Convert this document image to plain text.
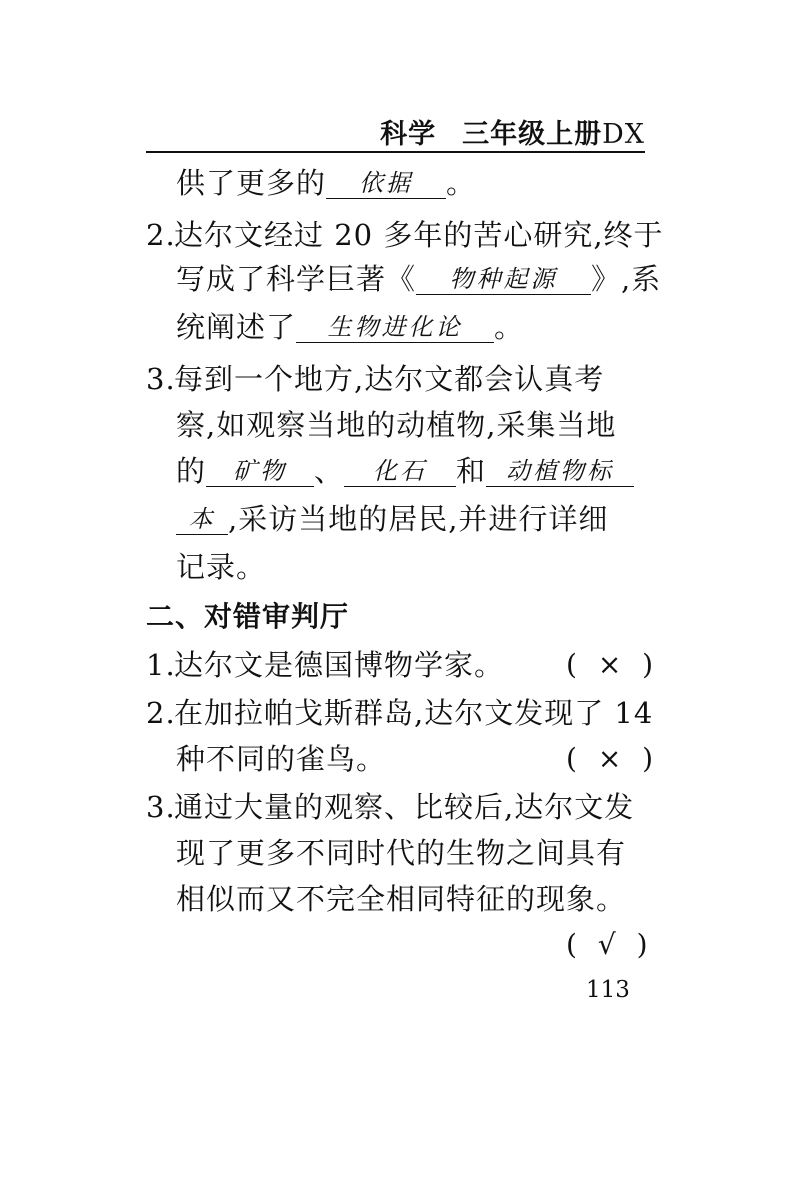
科学 三年级上册DX
供了更多的 依据 。
2.达尔文经过 20 多年的苦心研究,终于
写成了科学巨著《 物种起源 》,系
统阐述了 生物进化论 。
3.每到一个地方,达尔文都会认真考
察,如观察当地的动植物,采集当地
的 矿物 、 化石 和 动植物标
本 ,采访当地的居民,并进行详细
记录。
二、对错审判厅
1.达尔文是德国博物学家。 ( × )
2.在加拉帕戈斯群岛,达尔文发现了 14
种不同的雀鸟。	( × )
3.通过大量的观察、比较后,达尔文发
现了更多不同时代的生物之间具有
相似而又不完全相同特征的现象。
( √ )
113
